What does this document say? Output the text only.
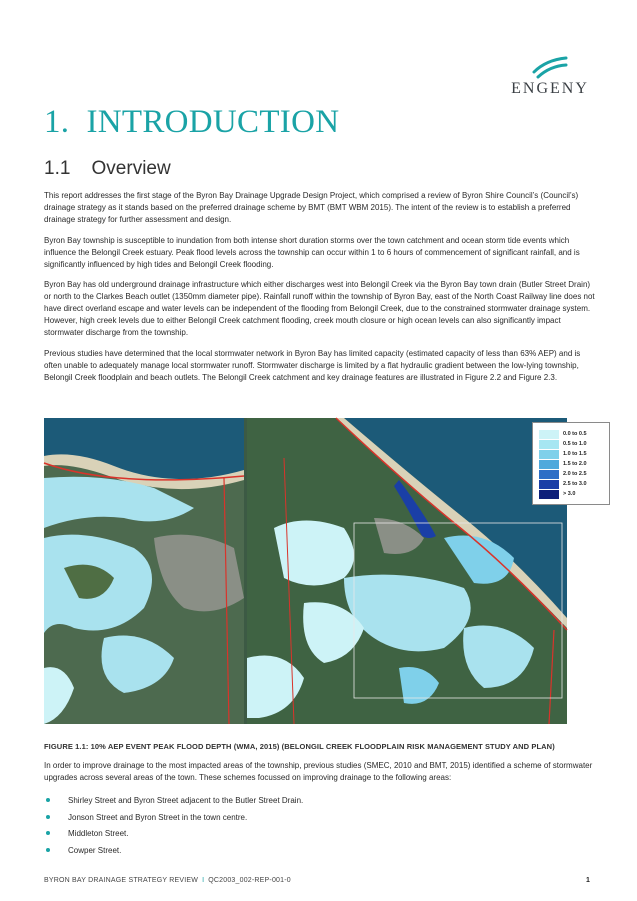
ENGENY
1.  INTRODUCTION
1.1    Overview

This report addresses the first stage of the Byron Bay Drainage Upgrade Design Project, which comprised a review of Byron Shire Council’s (Council’s) drainage strategy as it stands based on the preferred drainage scheme by BMT (BMT WBM 2015). The intent of the review is to establish a preferred drainage strategy for further assessment and design.

Byron Bay township is susceptible to inundation from both intense short duration storms over the town catchment and ocean storm tide events which influence the Belongil Creek estuary. Peak flood levels across the township can occur within 1 to 6 hours of commencement of significant rainfall, and is significantly influenced by high tides and Belongil Creek flooding.

Byron Bay has old underground drainage infrastructure which either discharges west into Belongil Creek via the Byron Bay town drain (Butler Street Drain) or north to the Clarkes Beach outlet (1350mm diameter pipe). Rainfall runoff within the township of Byron Bay, east of the North Coast Railway line does not have direct overland escape and water levels can be independent of the flooding from Belongil Creek, due to the constrained stormwater drainage system. However, high creek levels due to either Belongil Creek catchment flooding, creek mouth closure or high ocean levels can also significantly impact stormwater discharge from the township.

Previous studies have determined that the local stormwater network in Byron Bay has limited capacity (estimated capacity of less than 63% AEP) and is often unable to adequately manage local stormwater runoff. Stormwater discharge is limited by a flat hydraulic gradient between the low-lying township, Belongil Creek floodplain and beach outlets. The Belongil Creek catchment and key drainage features are illustrated in Figure 2.2 and Figure 2.3.

0.0 to 0.5
0.5 to 1.0
1.0 to 1.5
1.5 to 2.0
2.0 to 2.5
2.5 to 3.0
> 3.0
FIGURE 1.1: 10% AEP EVENT PEAK FLOOD DEPTH (WMA, 2015) (BELONGIL CREEK FLOODPLAIN RISK MANAGEMENT STUDY AND PLAN)

In order to improve drainage to the most impacted areas of the township, previous studies (SMEC, 2010 and BMT, 2015) identified a scheme of stormwater upgrades across several areas of the town. These schemes focussed on improving drainage to the following areas:

Shirley Street and Byron Street adjacent to the Butler Street Drain.
Jonson Street and Byron Street in the town centre.
Middleton Street.
Cowper Street.
BYRON BAY DRAINAGE STRATEGY REVIEW I QC2003_002-REP-001-0	1
